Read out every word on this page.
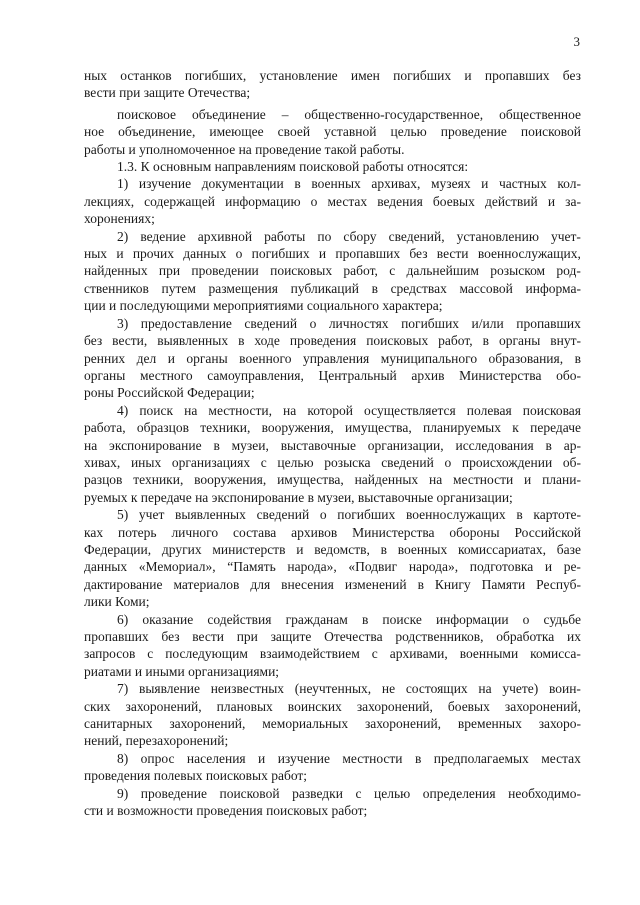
3
ных останков погибших, установление имен погибших и пропавших без
вести при защите Отечества;
поисковое объединение – общественно-государственное, общественное
ное объединение, имеющее своей уставной целью проведение поисковой
работы и уполномоченное на проведение такой работы.
1.3. К основным направлениям поисковой работы относятся:
1) изучение документации в военных архивах, музеях и частных кол-
лекциях, содержащей информацию о местах ведения боевых действий и за-
хоронениях;
2) ведение архивной работы по сбору сведений, установлению учет-
ных и прочих данных о погибших и пропавших без вести военнослужащих,
найденных при проведении поисковых работ, с дальнейшим розыском род-
ственников путем размещения публикаций в средствах массовой информа-
ции и последующими мероприятиями социального характера;
3) предоставление сведений о личностях погибших и/или пропавших
без вести, выявленных в ходе проведения поисковых работ, в органы внут-
ренних дел и органы военного управления муниципального образования, в
органы местного самоуправления, Центральный архив Министерства обо-
роны Российской Федерации;
4) поиск на местности, на которой осуществляется полевая поисковая
работа, образцов техники, вооружения, имущества, планируемых к передаче
на экспонирование в музеи, выставочные организации, исследования в ар-
хивах, иных организациях с целью розыска сведений о происхождении об-
разцов техники, вооружения, имущества, найденных на местности и плани-
руемых к передаче на экспонирование в музеи, выставочные организации;
5) учет выявленных сведений о погибших военнослужащих в картоте-
ках потерь личного состава архивов Министерства обороны Российской
Федерации, других министерств и ведомств, в военных комиссариатах, базе
данных «Мемориал», “Память народа», «Подвиг народа», подготовка и ре-
дактирование материалов для внесения изменений в Книгу Памяти Респуб-
лики Коми;
6) оказание содействия гражданам в поиске информации о судьбе
пропавших без вести при защите Отечества родственников, обработка их
запросов с последующим взаимодействием с архивами, военными комисса-
риатами и иными организациями;
7) выявление неизвестных (неучтенных, не состоящих на учете) воин-
ских захоронений, плановых воинских захоронений, боевых захоронений,
санитарных захоронений, мемориальных захоронений, временных захоро-
нений, перезахоронений;
8) опрос населения и изучение местности в предполагаемых местах
проведения полевых поисковых работ;
9) проведение поисковой разведки с целью определения необходимо-
сти и возможности проведения поисковых работ;
